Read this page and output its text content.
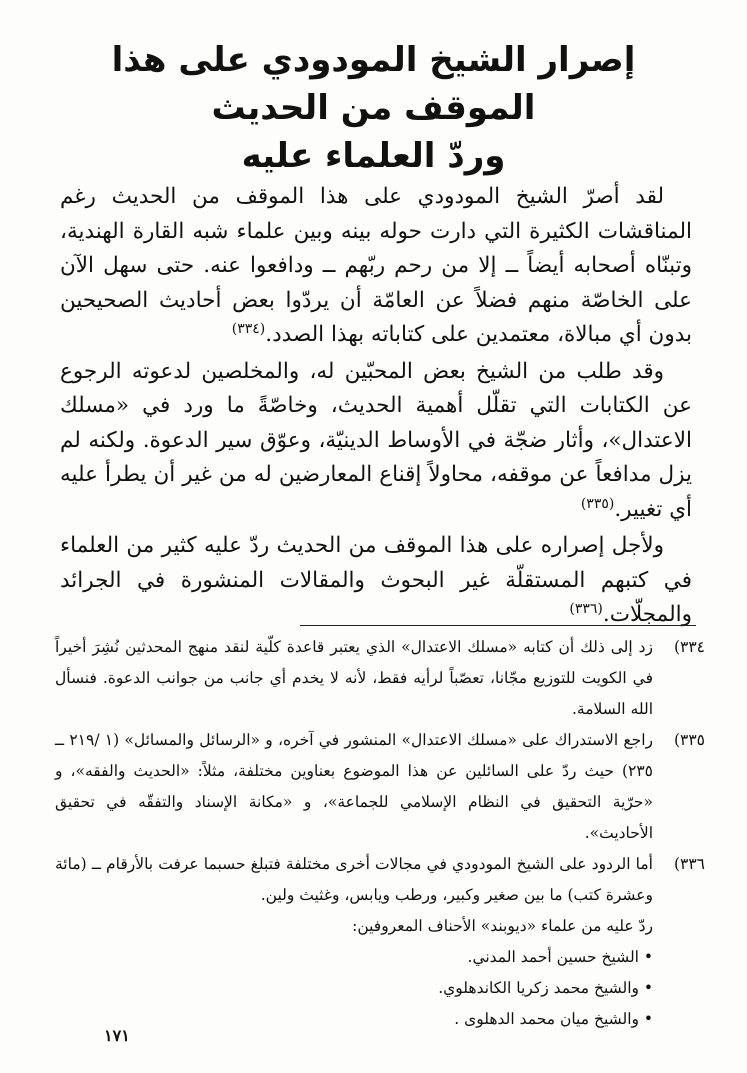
إصرار الشيخ المودودي على هذا الموقف من الحديث
وردّ العلماء عليه

لقد أصرّ الشيخ المودودي على هذا الموقف من الحديث رغم المناقشات الكثيرة التي دارت حوله بينه وبين علماء شبه القارة الهندية، وتبنّاه أصحابه أيضاً ــ إلا من رحم ربّهم ــ ودافعوا عنه. حتى سهل الآن على الخاصّة منهم فضلاً عن العامّة أن يردّوا بعض أحاديث الصحيحين بدون أي مبالاة، معتمدين على كتاباته بهذا الصدد.$^{(٣٣٤)}$

وقد طلب من الشيخ بعض المحبّين له، والمخلصين لدعوته الرجوع عن الكتابات التي تقلّل أهمية الحديث، وخاصّةً ما ورد في «مسلك الاعتدال»، وأثار ضجّة في الأوساط الدينيّة، وعوّق سير الدعوة. ولكنه لم يزل مدافعاً عن موقفه، محاولاً إقناع المعارضين له من غير أن يطرأ عليه أي تغيير.$^{(٣٣٥)}$

ولأجل إصراره على هذا الموقف من الحديث ردّ عليه كثير من العلماء في كتبهم المستقلّة غير البحوث والمقالات المنشورة في الجرائد والمجلّات.$^{(٣٣٦)}$

٣٣٤)
زد إلى ذلك أن كتابه «مسلك الاعتدال» الذي يعتبر قاعدة كلّية لنقد منهج المحدثين نُشِرَ أخيراً في الكويت للتوزيع مجّانا، تعصّباً لرأيه فقط، لأنه لا يخدم أي جانب من جوانب الدعوة. فنسأل الله السلامة.
٣٣٥)
راجع الاستدراك على «مسلك الاعتدال» المنشور في آخره، و «الرسائل والمسائل» (١ /٢١٩ ــ ٢٣٥) حيث ردّ على السائلين عن هذا الموضوع بعناوين مختلفة، مثلاً: «الحديث والفقه»، و «حرّية التحقيق في النظام الإسلامي للجماعة»، و «مكانة الإسناد والتفقّه في تحقيق الأحاديث».
٣٣٦)
أما الردود على الشيخ المودودي في مجالات أخرى مختلفة فتبلغ حسبما عرفت بالأرقام ــ (مائة وعشرة كتب) ما بين صغير وكبير، ورطب ويابس، وغثيث ولين.
ردّ عليه من علماء «ديوبند» الأحناف المعروفين:
•الشيخ حسين أحمد المدني.
•والشيخ محمد زكريا الكاندهلوي.
•والشيخ ميان محمد الدهلوى .
١٧١
